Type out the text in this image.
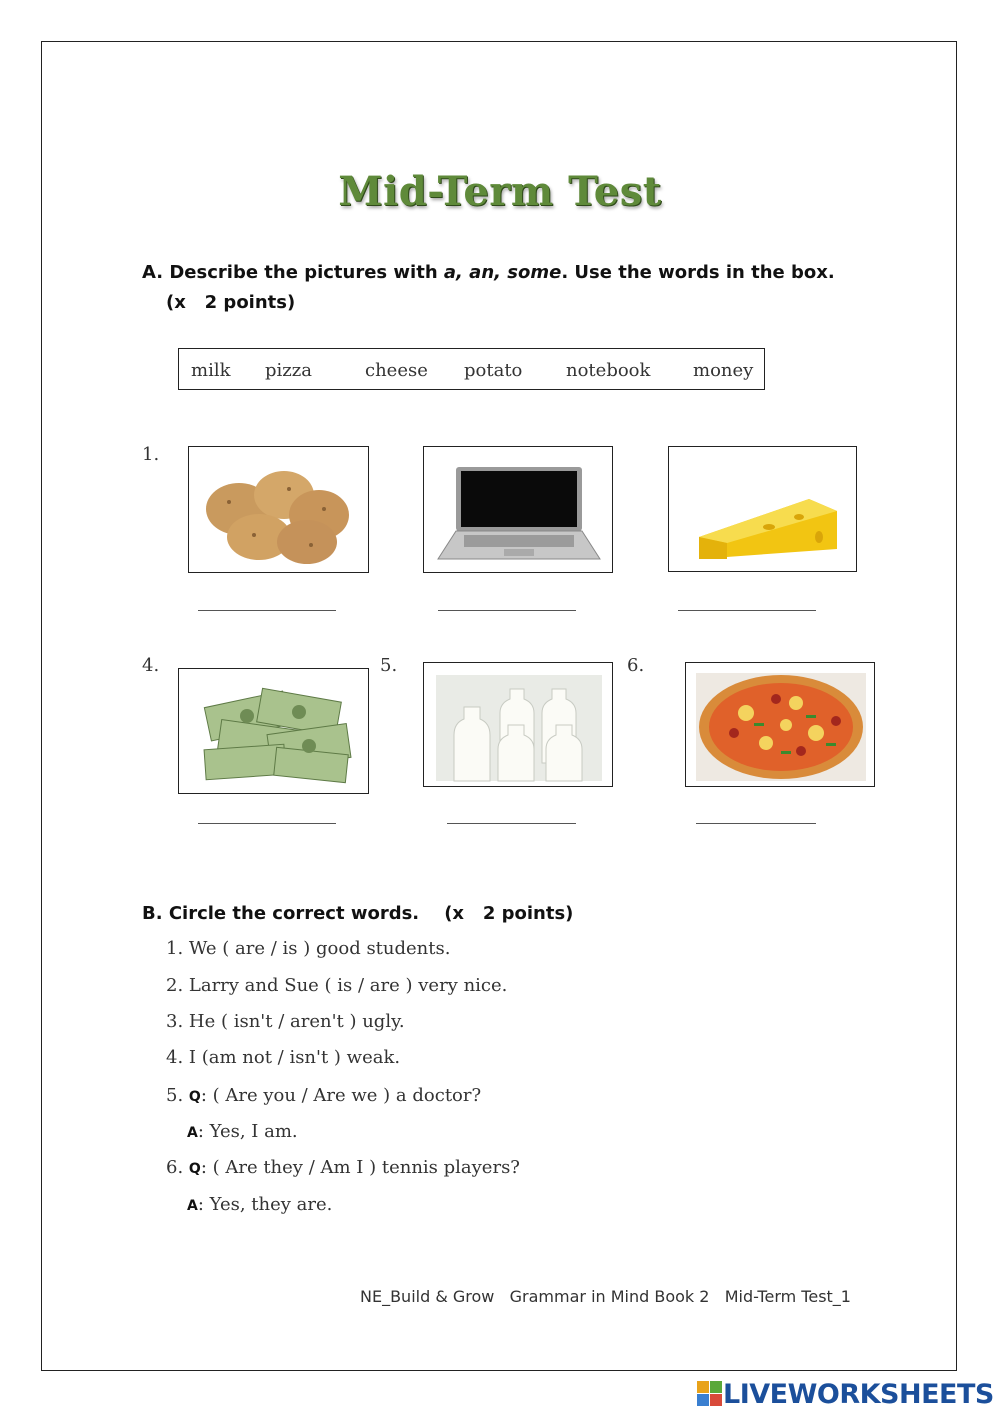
Mid-Term Test
A. Describe the pictures with a, an, some. Use the words in the box.
(x   2 points)
milk pizza	cheese potato notebook money
1.
4.	5.	6.
B. Circle the correct words.    (x   2 points)
1. We ( are / is ) good students.
2. Larry and Sue ( is / are ) very nice.
3. He ( isn't / aren't ) ugly.
4. I (am not / isn't ) weak.
5. Q: ( Are you / Are we ) a doctor?
A: Yes, I am.
6. Q: ( Are they / Am I ) tennis players?
A: Yes, they are.
NE_Build & Grow   Grammar in Mind Book 2   Mid-Term Test_1
LIVEWORKSHEETS
